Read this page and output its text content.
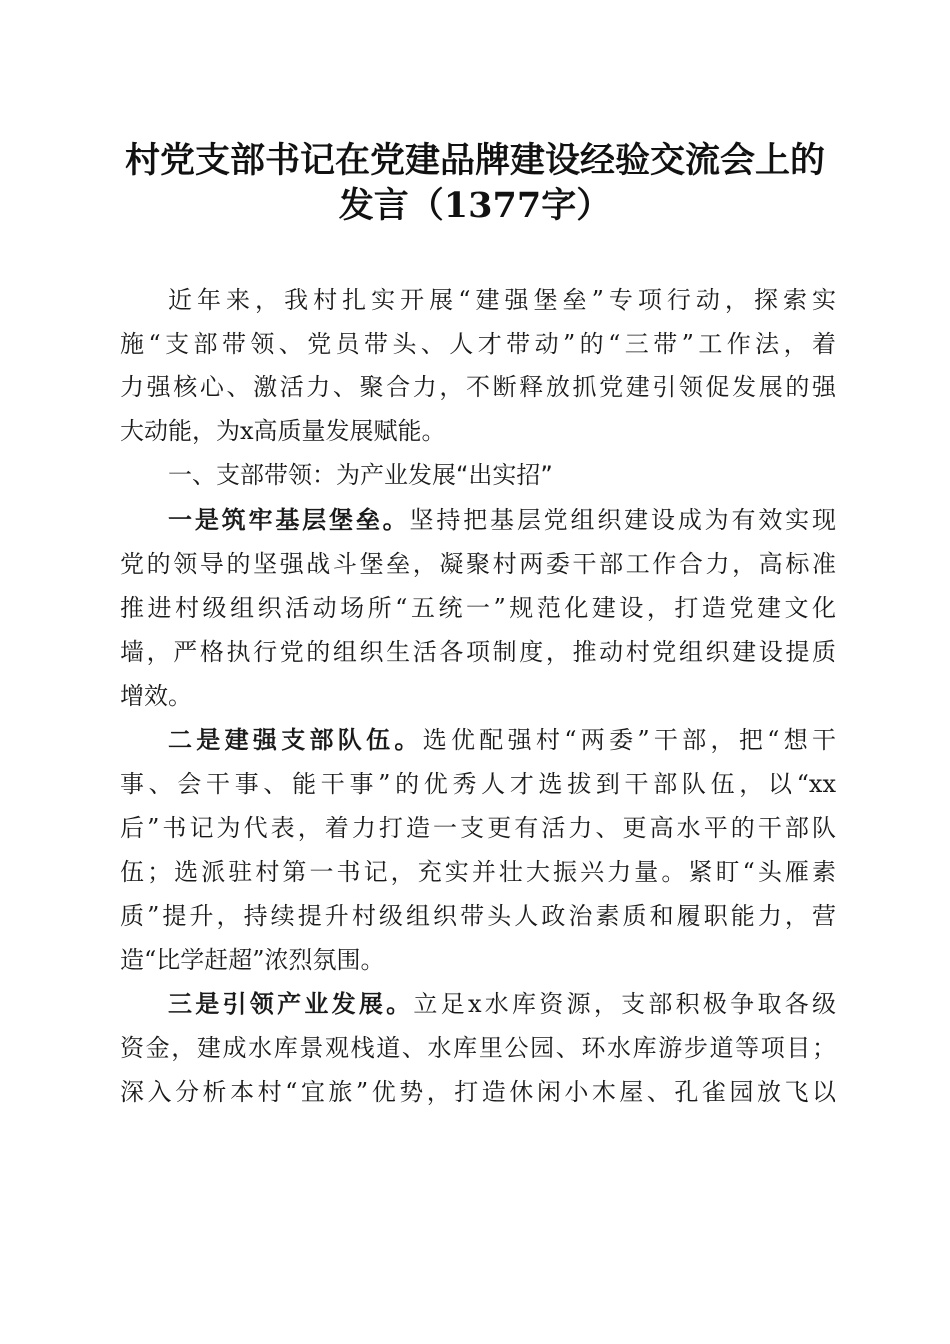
村党支部书记在党建品牌建设经验交流会上的
发言（1377字）
近年来，我村扎实开展“建强堡垒”专项行动，探索实
施“支部带领、党员带头、人才带动”的“三带”工作法，着
力强核心、激活力、聚合力，不断释放抓党建引领促发展的强
大动能，为x高质量发展赋能。
一、支部带领：为产业发展“出实招”
一是筑牢基层堡垒。坚持把基层党组织建设成为有效实现
党的领导的坚强战斗堡垒，凝聚村两委干部工作合力，高标准
推进村级组织活动场所“五统一”规范化建设，打造党建文化
墙，严格执行党的组织生活各项制度，推动村党组织建设提质
增效。
二是建强支部队伍。选优配强村“两委”干部，把“想干
事、会干事、能干事”的优秀人才选拔到干部队伍，以“xx
后”书记为代表，着力打造一支更有活力、更高水平的干部队
伍；选派驻村第一书记，充实并壮大振兴力量。紧盯“头雁素
质”提升，持续提升村级组织带头人政治素质和履职能力，营
造“比学赶超”浓烈氛围。
三是引领产业发展。立足x水库资源，支部积极争取各级
资金，建成水库景观栈道、水库里公园、环水库游步道等项目；
深入分析本村“宜旅”优势，打造休闲小木屋、孔雀园放飞以
